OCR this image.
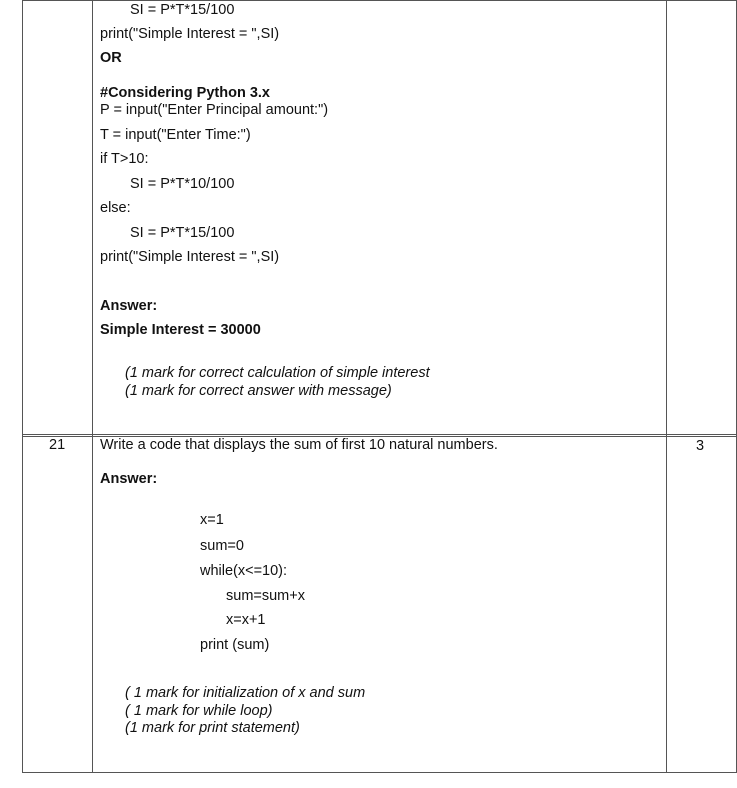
SI = P*T*15/100
print("Simple Interest = ",SI)
OR
#Considering Python 3.x
P = input("Enter Principal amount:")
T = input("Enter Time:")
if T>10:
SI = P*T*10/100
else:
SI = P*T*15/100
print("Simple Interest = ",SI)
Answer:
Simple Interest = 30000
(1 mark for correct calculation of simple interest
(1 mark for correct answer with message)
21 Write a code that displays the sum of first 10 natural numbers.	3
Answer:
x=1
sum=0
while(x<=10):
sum=sum+x
x=x+1
print (sum)
( 1 mark for initialization of x and sum
( 1 mark for while loop)
(1 mark for print statement)
